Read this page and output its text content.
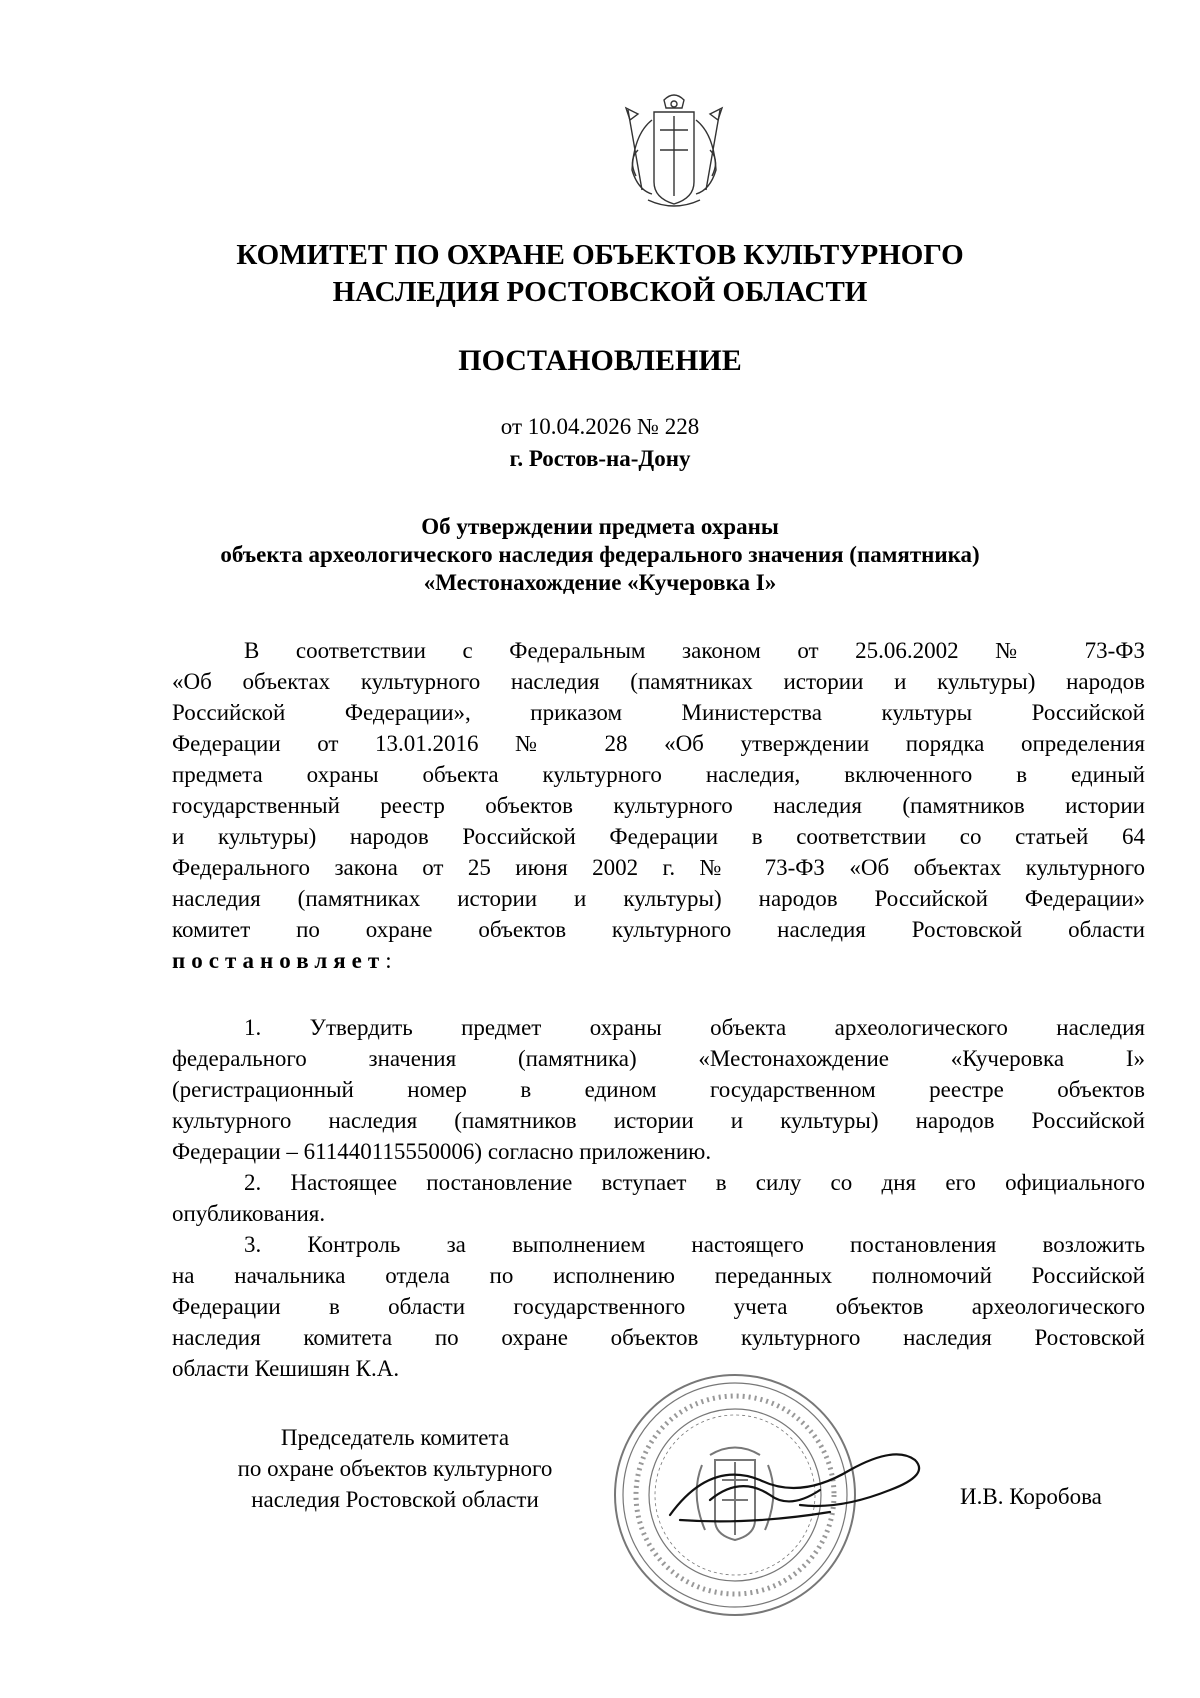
КОМИТЕТ ПО ОХРАНЕ ОБЪЕКТОВ КУЛЬТУРНОГО
НАСЛЕДИЯ РОСТОВСКОЙ ОБЛАСТИ
ПОСТАНОВЛЕНИЕ
от 10.04.2026 № 228
г. Ростов-на-Дону
Об утверждении предмета охраны
объекта археологического наследия федерального значения (памятника)
«Местонахождение «Кучеровка I»
В соответствии с Федеральным законом от 25.06.2002 № 73-ФЗ
«Об объектах культурного наследия (памятниках истории и культуры) народов
Российской Федерации», приказом Министерства культуры Российской
Федерации от 13.01.2016 № 28 «Об утверждении порядка определения
предмета охраны объекта культурного наследия, включенного в единый
государственный реестр объектов культурного наследия (памятников истории
и культуры) народов Российской Федерации в соответствии со статьей 64
Федерального закона от 25 июня 2002 г. № 73-ФЗ «Об объектах культурного
наследия (памятниках истории и культуры) народов Российской Федерации»
комитет по охране объектов культурного наследия Ростовской области
постановляет:
1. Утвердить предмет охраны объекта археологического наследия
федерального значения (памятника) «Местонахождение «Кучеровка I»
(регистрационный номер в едином государственном реестре объектов
культурного наследия (памятников истории и культуры) народов Российской
Федерации – 611440115550006) согласно приложению.
2. Настоящее постановление вступает в силу со дня его официального
опубликования.
3. Контроль за выполнением настоящего постановления возложить
на начальника отдела по исполнению переданных полномочий Российской
Федерации в области государственного учета объектов археологического
наследия комитета по охране объектов культурного наследия Ростовской
области Кешишян К.А.
Председатель комитета
по охране объектов культурного
наследия Ростовской области	И.В. Коробова
